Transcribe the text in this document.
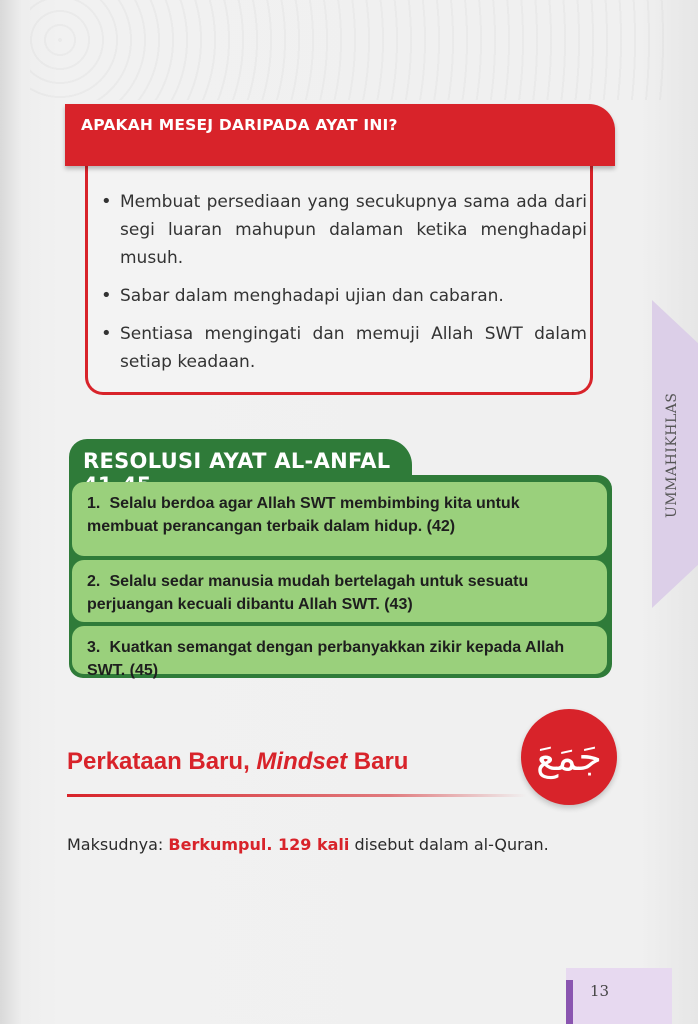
APAKAH MESEJ DARIPADA AYAT INI?
• Membuat persediaan yang secukupnya sama ada dari segi luaran mahupun dalaman ketika menghadapi musuh.
• Sabar dalam menghadapi ujian dan cabaran.
• Sentiasa mengingati dan memuji Allah SWT dalam setiap keadaan.
RESOLUSI AYAT AL-ANFAL
1. Selalu berdoa agar Allah SWT membimbing kita untuk membuat perancangan terbaik dalam hidup. (42)
2. Selalu sedar manusia mudah bertelagah untuk sesuatu perjuangan kecuali dibantu Allah SWT. (43)
3. Kuatkan semangat dengan perbanyakkan zikir kepada Allah SWT. (45)
Perkataan Baru, Mindset Baru	جَمَعَ
Maksudnya: Berkumpul. 129 kali disebut dalam al-Quran.
UMMAHIKHLAS
13
